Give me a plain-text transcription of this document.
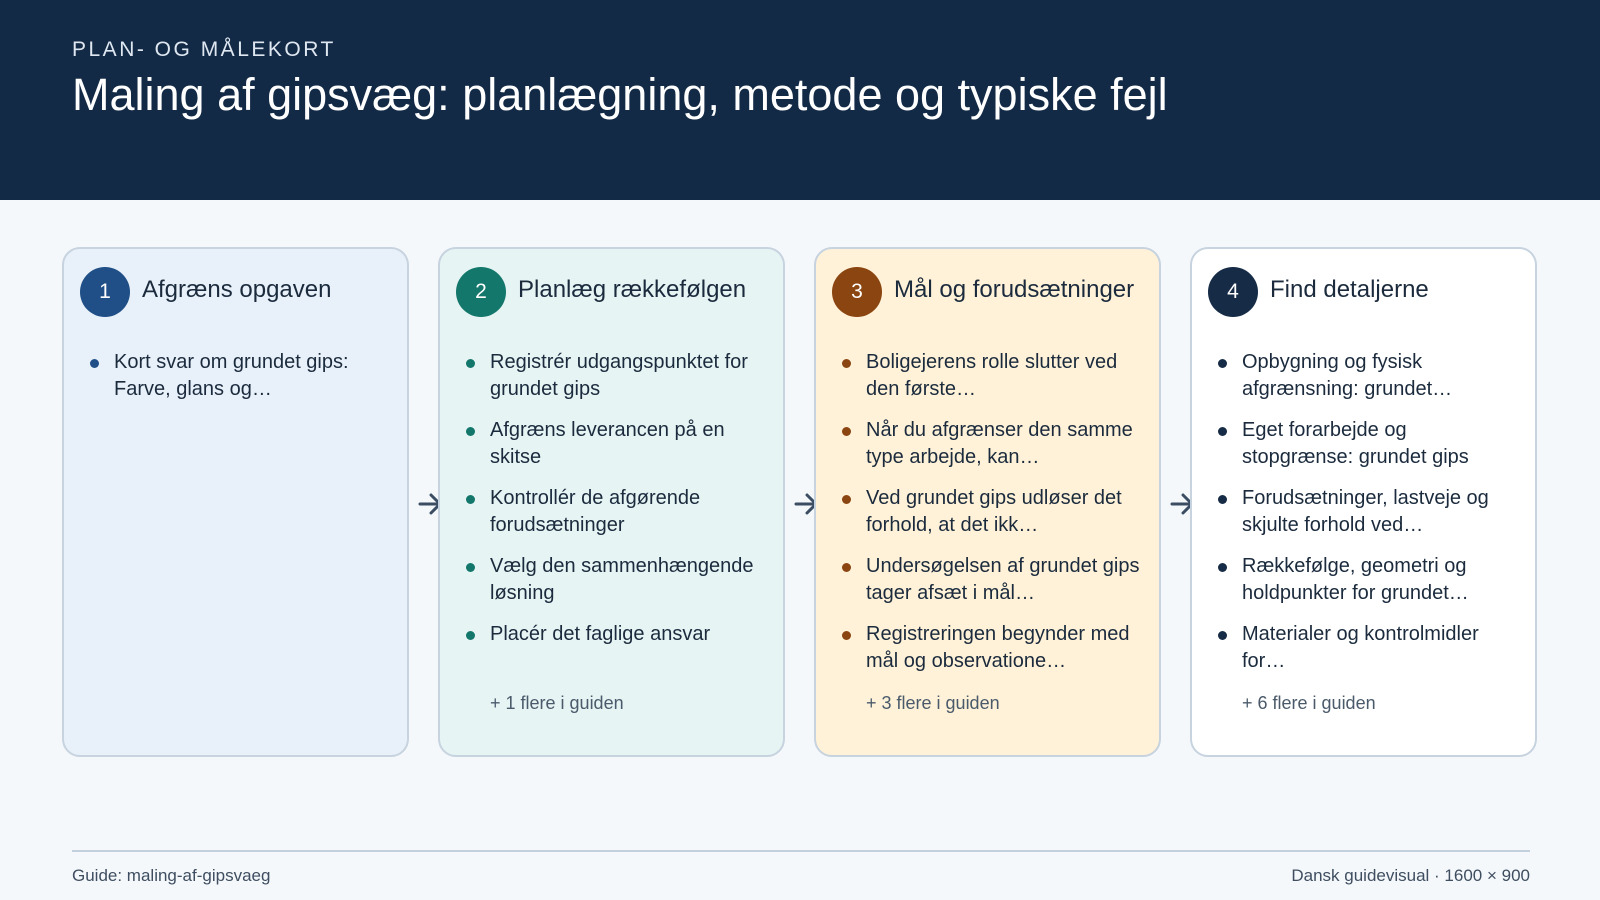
PLAN- OG MÅLEKORT
Maling af gipsvæg: planlægning, metode og typiske fejl
1	Afgræns opgaven
Kort svar om grundet gips: Farve, glans og…
2	Planlæg rækkefølgen
Registrér udgangspunktet for grundet gips
Afgræns leverancen på en skitse
Kontrollér de afgørende forudsætninger
Vælg den sammenhængende løsning
Placér det faglige ansvar
+ 1 flere i guiden
3	Mål og forudsætninger
Boligejerens rolle slutter ved den første…
Når du afgrænser den samme type arbejde, kan…
Ved grundet gips udløser det forhold, at det ikk…
Undersøgelsen af grundet gips tager afsæt i mål…
Registreringen begynder med mål og observatione…
+ 3 flere i guiden
4	Find detaljerne
Opbygning og fysisk afgrænsning: grundet…
Eget forarbejde og stopgrænse: grundet gips
Forudsætninger, lastveje og skjulte forhold ved…
Rækkefølge, geometri og holdpunkter for grundet…
Materialer og kontrolmidler for…
+ 6 flere i guiden
Guide: maling-af-gipsvaeg	Dansk guidevisual · 1600 × 900
